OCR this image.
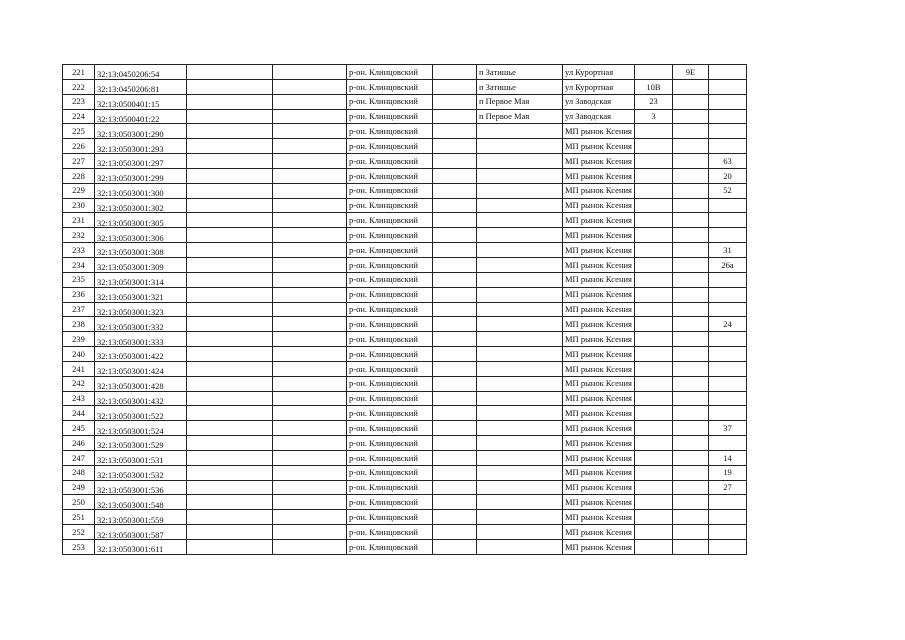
221	32:13:0450206:54			р-он. Клинцовский		п Затишье	ул Курортная		9Е	
222	32:13:0450206:81			р-он. Клинцовский		п Затишье	ул Курортная	10В		
223	32:13:0500401:15			р-он. Клинцовский		п Первое Мая	ул Заводская	23		
224	32:13:0500401:22			р-он. Клинцовский		п Первое Мая	ул Заводская	3		
225	32:13:0503001:290			р-он. Клинцовский			МП рынок Ксения			
226	32:13:0503001:293			р-он. Клинцовский			МП рынок Ксения			
227	32:13:0503001:297			р-он. Клинцовский			МП рынок Ксения			63
228	32:13:0503001:299			р-он. Клинцовский			МП рынок Ксения			20
229	32:13:0503001:300			р-он. Клинцовский			МП рынок Ксения			52
230	32:13:0503001:302			р-он. Клинцовский			МП рынок Ксения			
231	32:13:0503001:305			р-он. Клинцовский			МП рынок Ксения			
232	32:13:0503001:306			р-он. Клинцовский			МП рынок Ксения			
233	32:13:0503001:308			р-он. Клинцовский			МП рынок Ксения			31
234	32:13:0503001:309			р-он. Клинцовский			МП рынок Ксения			26а
235	32:13:0503001:314			р-он. Клинцовский			МП рынок Ксения			
236	32:13:0503001:321			р-он. Клинцовский			МП рынок Ксения			
237	32:13:0503001:323			р-он. Клинцовский			МП рынок Ксения			
238	32:13:0503001:332			р-он. Клинцовский			МП рынок Ксения			24
239	32:13:0503001:333			р-он. Клинцовский			МП рынок Ксения			
240	32:13:0503001:422			р-он. Клинцовский			МП рынок Ксения			
241	32:13:0503001:424			р-он. Клинцовский			МП рынок Ксения			
242	32:13:0503001:428			р-он. Клинцовский			МП рынок Ксения			
243	32:13:0503001:432			р-он. Клинцовский			МП рынок Ксения			
244	32:13:0503001:522			р-он. Клинцовский			МП рынок Ксения			
245	32:13:0503001:524			р-он. Клинцовский			МП рынок Ксения			37
246	32:13:0503001:529			р-он. Клинцовский			МП рынок Ксения			
247	32:13:0503001:531			р-он. Клинцовский			МП рынок Ксения			14
248	32:13:0503001:532			р-он. Клинцовский			МП рынок Ксения			19
249	32:13:0503001:536			р-он. Клинцовский			МП рынок Ксения			27
250	32:13:0503001:548			р-он. Клинцовский			МП рынок Ксения			
251	32:13:0503001:559			р-он. Клинцовский			МП рынок Ксения			
252	32:13:0503001:587			р-он. Клинцовский			МП рынок Ксения			
253	32:13:0503001:611			р-он. Клинцовский			МП рынок Ксения			
